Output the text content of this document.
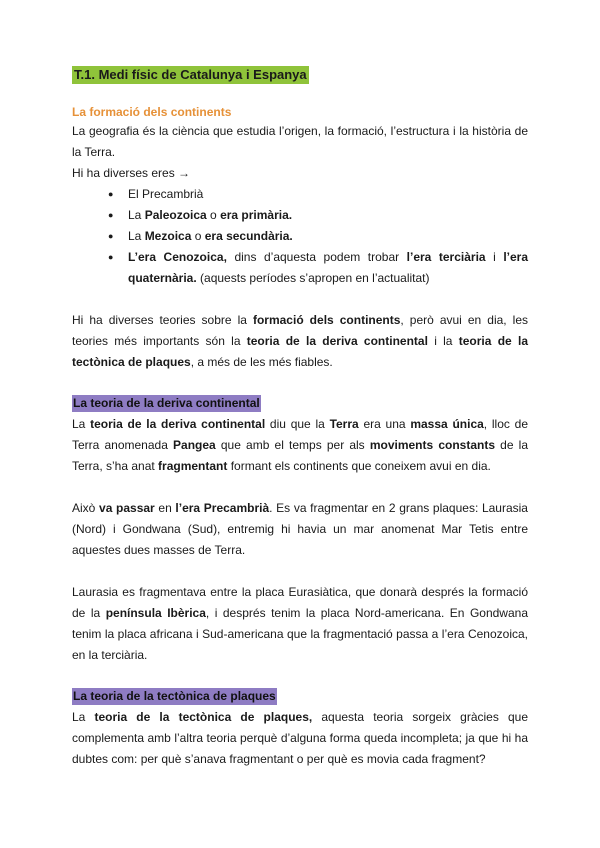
T.1. Medi físic de Catalunya i Espanya
La formació dels continents

La geografia és la ciència que estudia l’origen, la formació, l’estructura i la història de la Terra.

Hi ha diverses eres →

● El Precambrià
● La Paleozoica o era primària.
● La Mezoica o era secundària.
● L’era Cenozoica, dins d’aquesta podem trobar l’era terciària i l’era quaternària. (aquests períodes s’apropen en l’actualitat)

Hi ha diverses teories sobre la formació dels continents, però avui en dia, les teories més importants són la teoria de la deriva continental i la teoria de la tectònica de plaques, a més de les més fiables.

La teoria de la deriva continental

La teoria de la deriva continental diu que la Terra era una massa única, lloc de Terra anomenada Pangea que amb el temps per als moviments constants de la Terra, s’ha anat fragmentant formant els continents que coneixem avui en dia.

Això va passar en l’era Precambrià. Es va fragmentar en 2 grans plaques: Laurasia (Nord) i Gondwana (Sud), entremig hi havia un mar anomenat Mar Tetis entre aquestes dues masses de Terra.

Laurasia es fragmentava entre la placa Eurasiàtica, que donarà després la formació de la península Ibèrica, i després tenim la placa Nord-americana. En Gondwana tenim la placa africana i Sud-americana que la fragmentació passa a l’era Cenozoica, en la terciària.

La teoria de la tectònica de plaques

La teoria de la tectònica de plaques, aquesta teoria sorgeix gràcies que complementa amb l’altra teoria perquè d’alguna forma queda incompleta; ja que hi ha dubtes com: per què s’anava fragmentant o per què es movia cada fragment?
